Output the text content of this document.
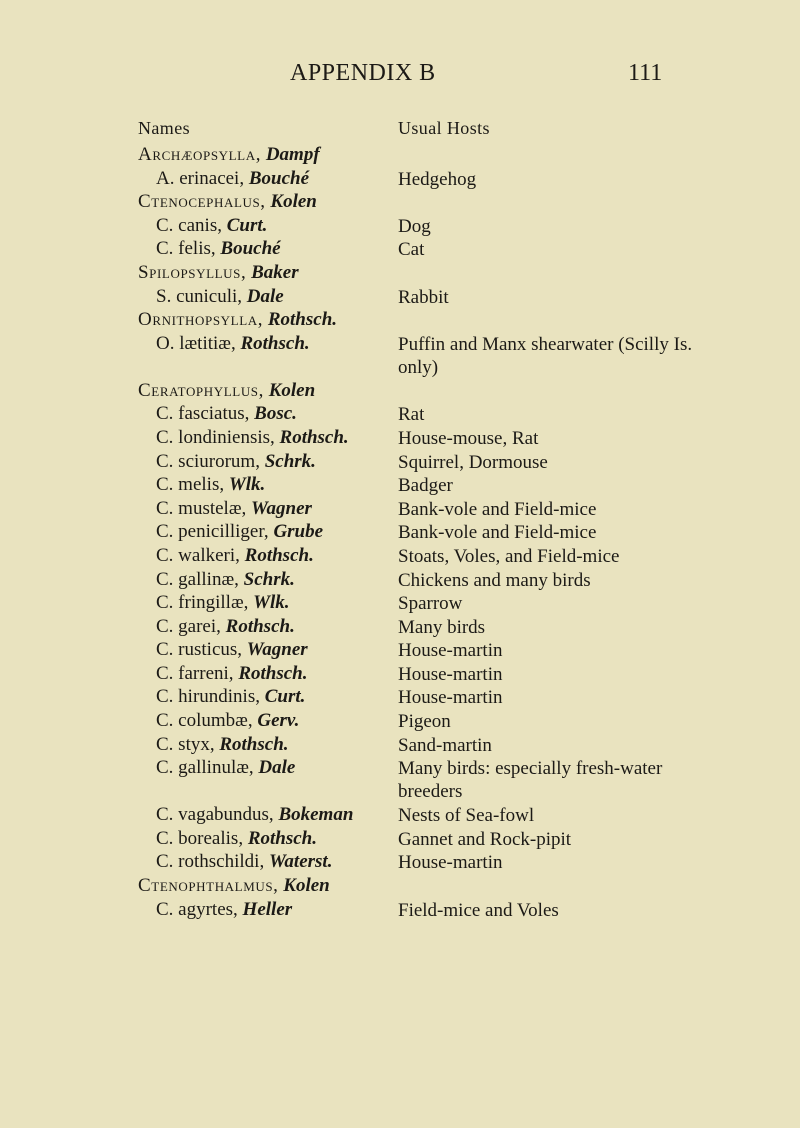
APPENDIX B	111
Names	Usual Hosts
Archæopsylla, Dampf
A. erinacei, Bouché	Hedgehog
Ctenocephalus, Kolen
C. canis, Curt.	Dog
C. felis, Bouché	Cat
Spilopsyllus, Baker
S. cuniculi, Dale	Rabbit
Ornithopsylla, Rothsch.
O. lætitiæ, Rothsch.	Puffin and Manx shearwater (Scilly Is. only)
Ceratophyllus, Kolen
C. fasciatus, Bosc.	Rat
C. londiniensis, Rothsch.	House-mouse, Rat
C. sciurorum, Schrk.	Squirrel, Dormouse
C. melis, Wlk.	Badger
C. mustelæ, Wagner	Bank-vole and Field-mice
C. penicilliger, Grube	Bank-vole and Field-mice
C. walkeri, Rothsch.	Stoats, Voles, and Field-mice
C. gallinæ, Schrk.	Chickens and many birds
C. fringillæ, Wlk.	Sparrow
C. garei, Rothsch.	Many birds
C. rusticus, Wagner	House-martin
C. farreni, Rothsch.	House-martin
C. hirundinis, Curt.	House-martin
C. columbæ, Gerv.	Pigeon
C. styx, Rothsch.	Sand-martin
C. gallinulæ, Dale	Many birds: especially fresh-water breeders
C. vagabundus, Bokeman	Nests of Sea-fowl
C. borealis, Rothsch.	Gannet and Rock-pipit
C. rothschildi, Waterst.	House-martin
Ctenophthalmus, Kolen
C. agyrtes, Heller	Field-mice and Voles
